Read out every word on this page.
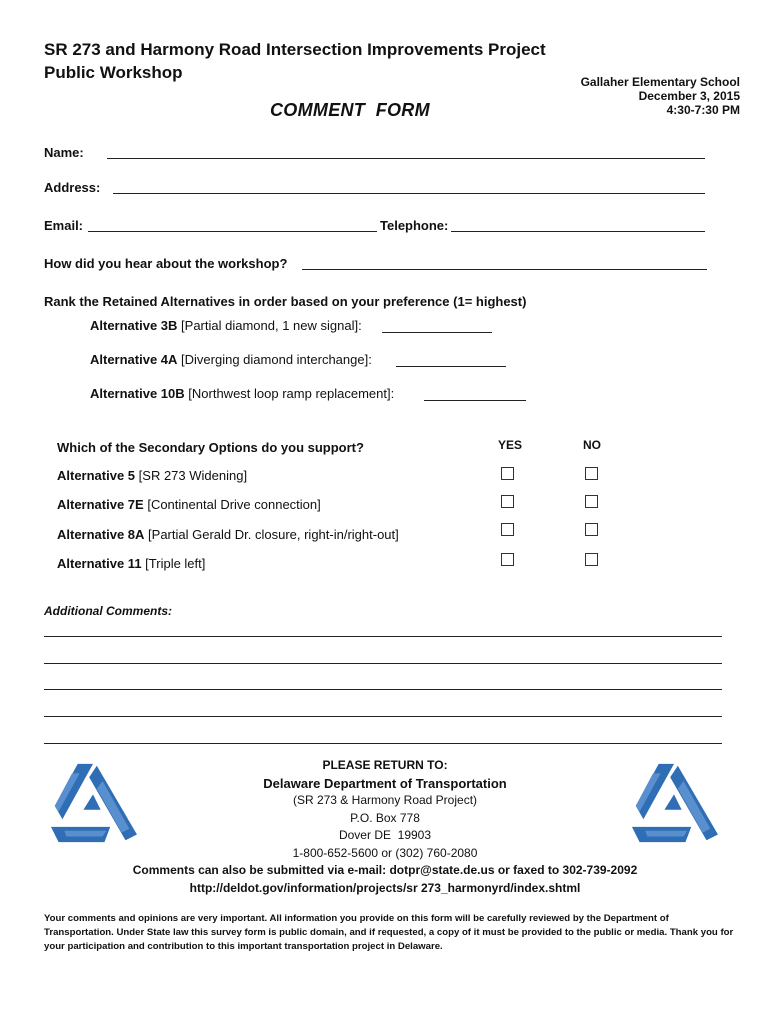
SR 273 and Harmony Road Intersection Improvements Project
Public Workshop	Gallaher Elementary School
December 3, 2015
4:30-7:30 PM
COMMENT  FORM
Name:
Address:
Email:	Telephone:
How did you hear about the workshop?
Rank the Retained Alternatives in order based on your preference (1= highest)
Alternative 3B [Partial diamond, 1 new signal]:
Alternative 4A [Diverging diamond interchange]:
Alternative 10B [Northwest loop ramp replacement]:
Which of the Secondary Options do you support?	YES	NO
Alternative 5 [SR 273 Widening]
Alternative 7E [Continental Drive connection]
Alternative 8A [Partial Gerald Dr. closure, right-in/right-out]
Alternative 11 [Triple left]
Additional Comments:
PLEASE RETURN TO:
Delaware Department of Transportation
(SR 273 & Harmony Road Project)
P.O. Box 778
Dover DE  19903
1-800-652-5600 or (302) 760-2080
Comments can also be submitted via e-mail: dotpr@state.de.us or faxed to 302-739-2092
http://deldot.gov/information/projects/sr 273_harmonyrd/index.shtml
Your comments and opinions are very important. All information you provide on this form will be carefully reviewed by the Department of Transportation. Under State law this survey form is public domain, and if requested, a copy of it must be provided to the public or media. Thank you for your participation and contribution to this important transportation project in Delaware.
